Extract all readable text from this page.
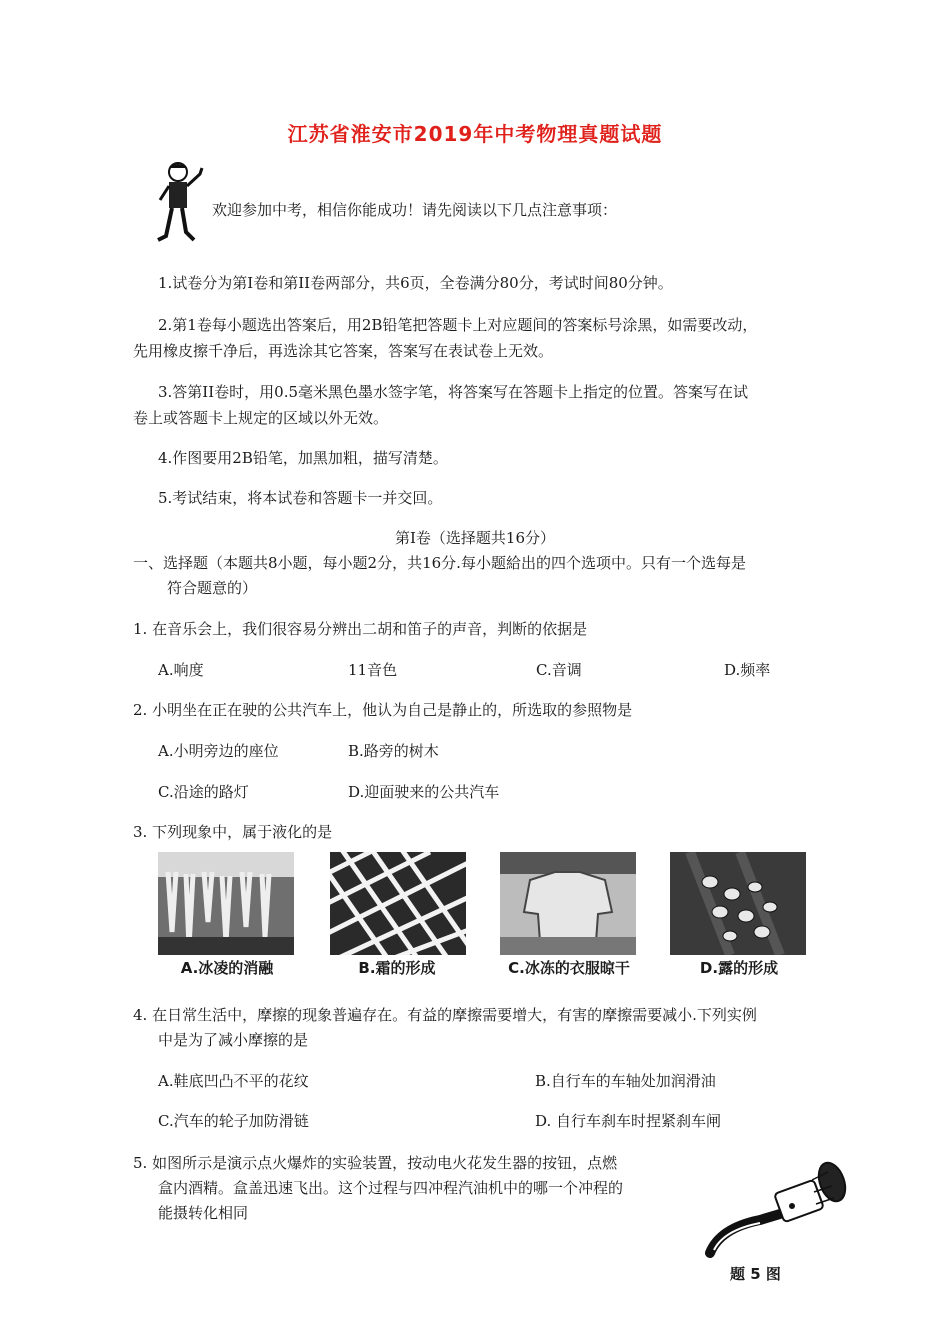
江苏省淮安市2019年中考物理真题试题
欢迎参加中考，相信你能成功！请先阅读以下几点注意事项：
1.试卷分为第I卷和第II卷两部分，共6页，全卷满分80分，考试时间80分钟。
2.第1卷每小题选出答案后，用2B铅笔把答题卡上对应题间的答案标号涂黑，如需要改动，
先用橡皮擦千净后，再选涂其它答案，答案写在表试卷上无效。
3.答第II卷时，用0.5毫米黑色墨水签字笔，将答案写在答题卡上指定的位置。答案写在试
卷上或答题卡上规定的区域以外无效。
4.作图要用2B铅笔，加黑加粗，描写清楚。
5.考试结束，将本试卷和答题卡一并交回。
第I卷（选择题共16分）
一、选择题（本题共8小题，每小题2分，共16分.每小题給出的四个选项中。只有一个选每是
符合题意的）
1. 在音乐会上，我们很容易分辨出二胡和笛子的声音，判断的依据是
A.响度	11音色	C.音调	D.频率
2. 小明坐在正在驶的公共汽车上，他认为自己是静止的，所选取的参照物是
A.小明旁边的座位	B.路旁的树木
C.沿途的路灯	D.迎面驶来的公共汽车
3. 下列现象中，属于液化的是
A.冰凌的消融	B.霜的形成	C.冰冻的衣服晾干	D.露的形成
4. 在日常生活中，摩擦的现象普遍存在。有益的摩擦需要增大，有害的摩擦需要减小.下列实例
中是为了减小摩擦的是
A.鞋底凹凸不平的花纹	B.自行车的车轴处加润滑油
C.汽车的轮子加防滑链	D. 自行车刹车时捏紧刹车闸
5. 如图所示是演示点火爆炸的实验装置，按动电火花发生器的按钮，点燃
盒内酒精。盒盖迅速飞出。这个过程与四冲程汽油机中的哪一个冲程的
能摄转化相同
题 5 图
